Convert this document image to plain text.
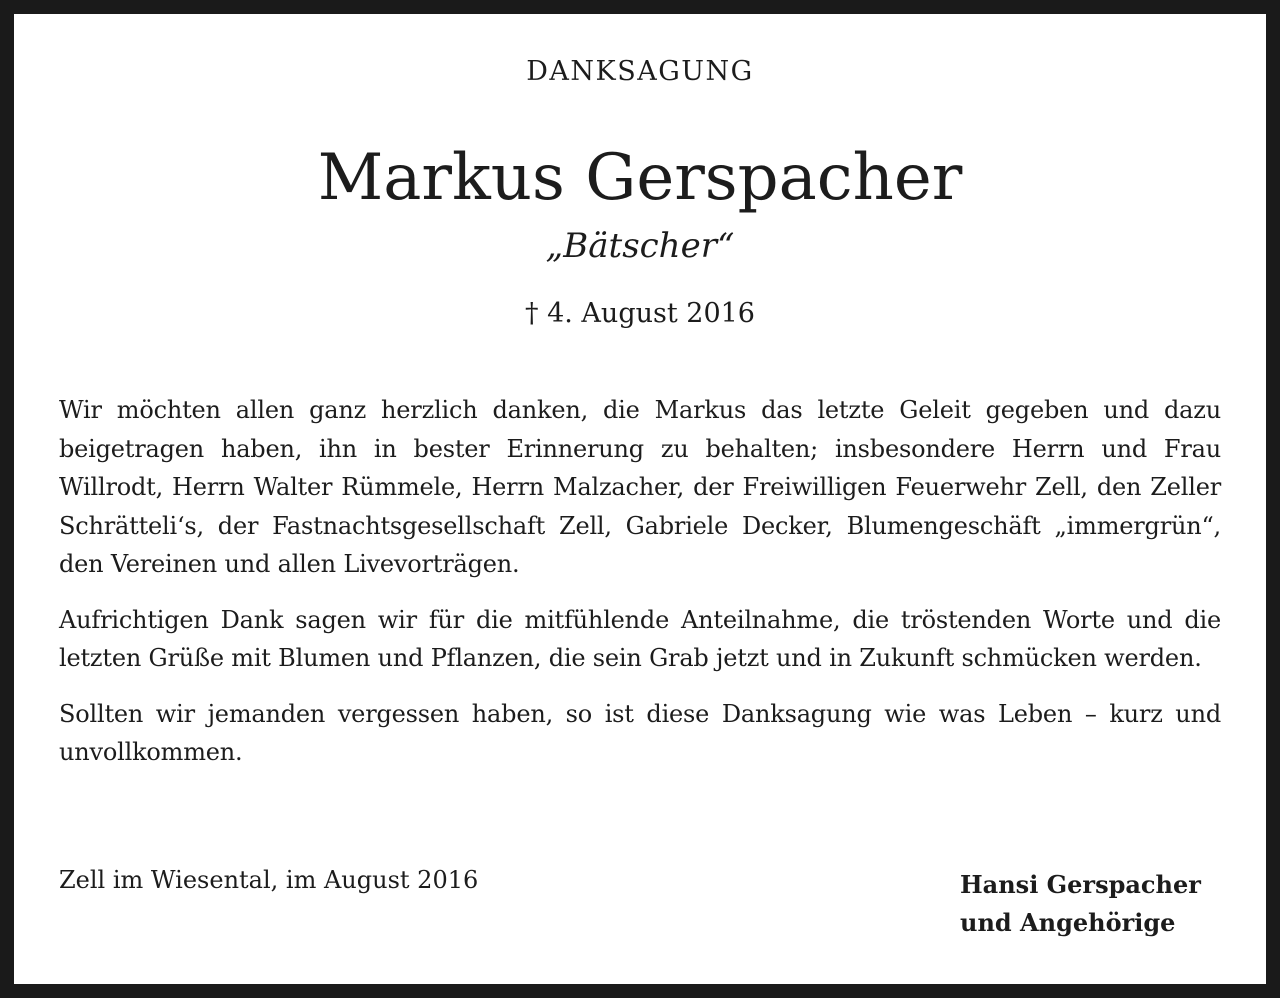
DANKSAGUNG
Markus Gerspacher
„Bätscher“
† 4. August 2016

Wir möchten allen ganz herzlich danken, die Markus das letzte Geleit gegeben und dazu beigetragen haben, ihn in bester Erinnerung zu behalten; insbesondere Herrn und Frau Willrodt, Herrn Walter Rümmele, Herrn Malzacher, der Freiwilligen Feuerwehr Zell, den Zeller Schrätteli‘s, der Fastnachtsgesellschaft Zell, Gabriele Decker, Blumengeschäft „immergrün“, den Vereinen und allen Livevorträgen.

Aufrichtigen Dank sagen wir für die mitfühlende Anteilnahme, die tröstenden Worte und die letzten Grüße mit Blumen und Pflanzen, die sein Grab jetzt und in Zukunft schmücken werden.

Sollten wir jemanden vergessen haben, so ist diese Danksagung wie was Leben – kurz und unvollkommen.

Zell im Wiesental, im August 2016	Hansi Gerspacher
und Angehörige
